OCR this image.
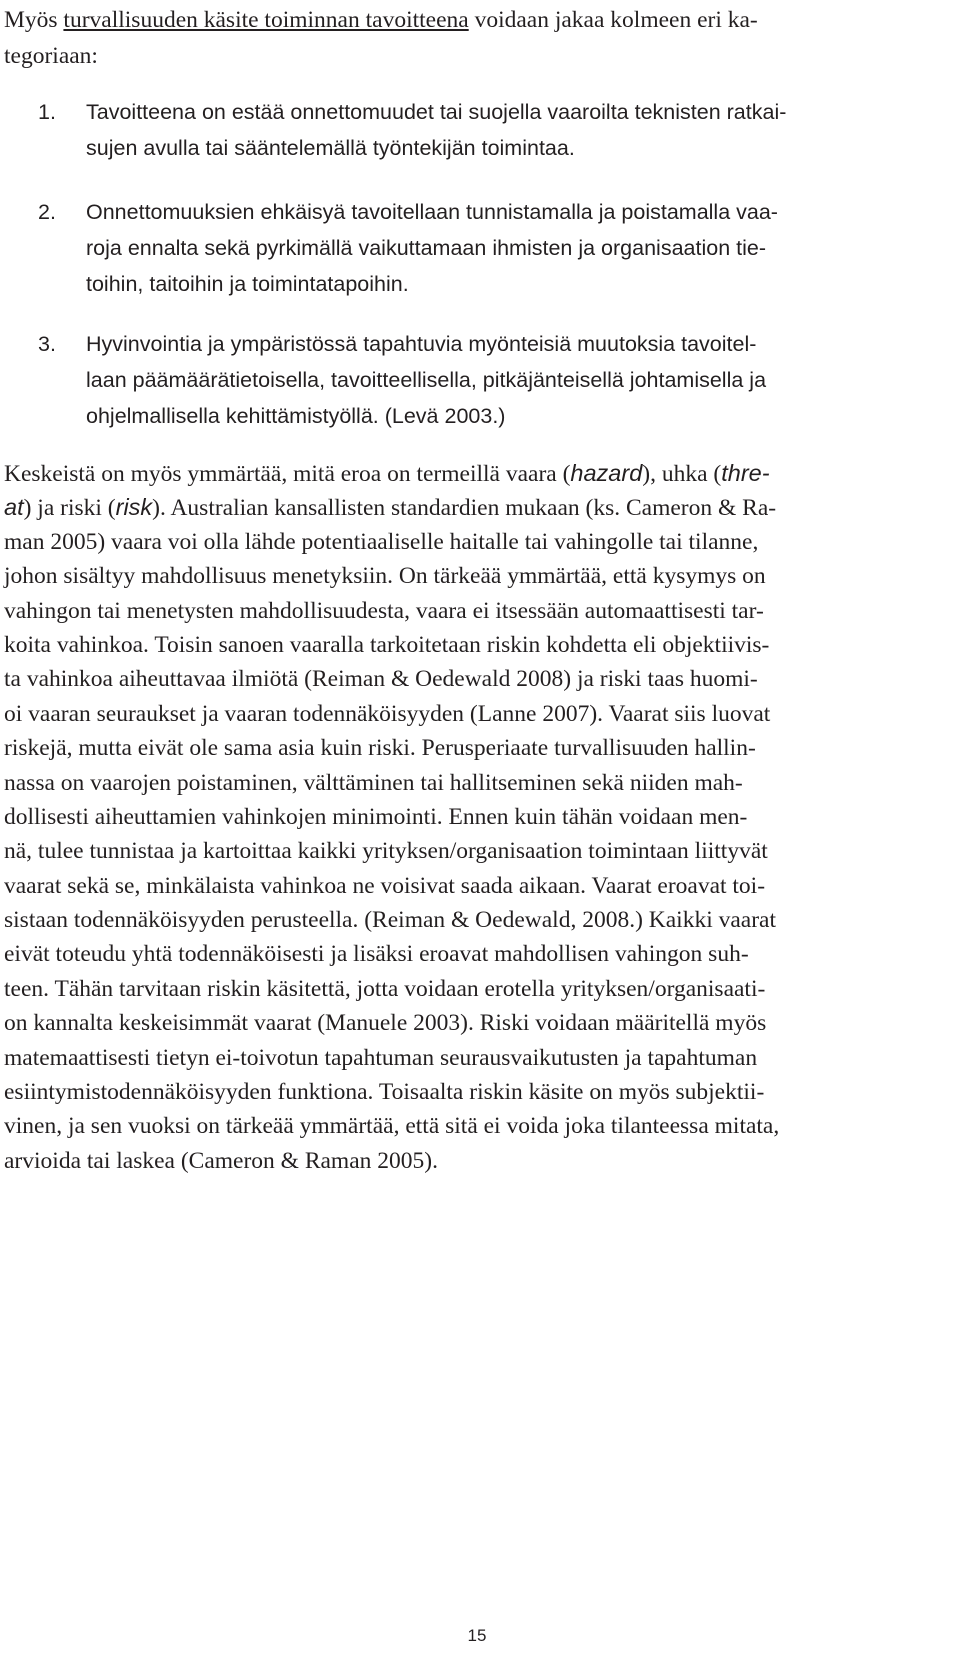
Myös turvallisuuden käsite toiminnan tavoitteena voidaan jakaa kolmeen eri ka-
tegoriaan:
1.	Tavoitteena on estää onnettomuudet tai suojella vaaroilta teknisten ratkai-
sujen avulla tai sääntelemällä työntekijän toimintaa.
2.	Onnettomuuksien ehkäisyä tavoitellaan tunnistamalla ja poistamalla vaa-
roja ennalta sekä pyrkimällä vaikuttamaan ihmisten ja organisaation tie-
toihin, taitoihin ja toimintatapoihin.
3.	Hyvinvointia ja ympäristössä tapahtuvia myönteisiä muutoksia tavoitel-
laan päämäärätietoisella, tavoitteellisella, pitkäjänteisellä johtamisella ja
ohjelmallisella kehittämistyöllä. (Levä 2003.)
Keskeistä on myös ymmärtää, mitä eroa on termeillä vaara (hazard), uhka (thre-
at) ja riski (risk). Australian kansallisten standardien mukaan (ks. Cameron & Ra-
man 2005) vaara voi olla lähde potentiaaliselle haitalle tai vahingolle tai tilanne,
johon sisältyy mahdollisuus menetyksiin. On tärkeää ymmärtää, että kysymys on
vahingon tai menetysten mahdollisuudesta, vaara ei itsessään automaattisesti tar-
koita vahinkoa. Toisin sanoen vaaralla tarkoitetaan riskin kohdetta eli objektiivis-
ta vahinkoa aiheuttavaa ilmiötä (Reiman & Oedewald 2008) ja riski taas huomi-
oi vaaran seuraukset ja vaaran todennäköisyyden (Lanne 2007). Vaarat siis luovat
riskejä, mutta eivät ole sama asia kuin riski. Perusperiaate turvallisuuden hallin-
nassa on vaarojen poistaminen, välttäminen tai hallitseminen sekä niiden mah-
dollisesti aiheuttamien vahinkojen minimointi. Ennen kuin tähän voidaan men-
nä, tulee tunnistaa ja kartoittaa kaikki yrityksen/organisaation toimintaan liittyvät
vaarat sekä se, minkälaista vahinkoa ne voisivat saada aikaan. Vaarat eroavat toi-
sistaan todennäköisyyden perusteella. (Reiman & Oedewald, 2008.) Kaikki vaarat
eivät toteudu yhtä todennäköisesti ja lisäksi eroavat mahdollisen vahingon suh-
teen. Tähän tarvitaan riskin käsitettä, jotta voidaan erotella yrityksen/organisaati-
on kannalta keskeisimmät vaarat (Manuele 2003). Riski voidaan määritellä myös
matemaattisesti tietyn ei-toivotun tapahtuman seurausvaikutusten ja tapahtuman
esiintymistodennäköisyyden funktiona. Toisaalta riskin käsite on myös subjektii-
vinen, ja sen vuoksi on tärkeää ymmärtää, että sitä ei voida joka tilanteessa mitata,
arvioida tai laskea (Cameron & Raman 2005).
15
